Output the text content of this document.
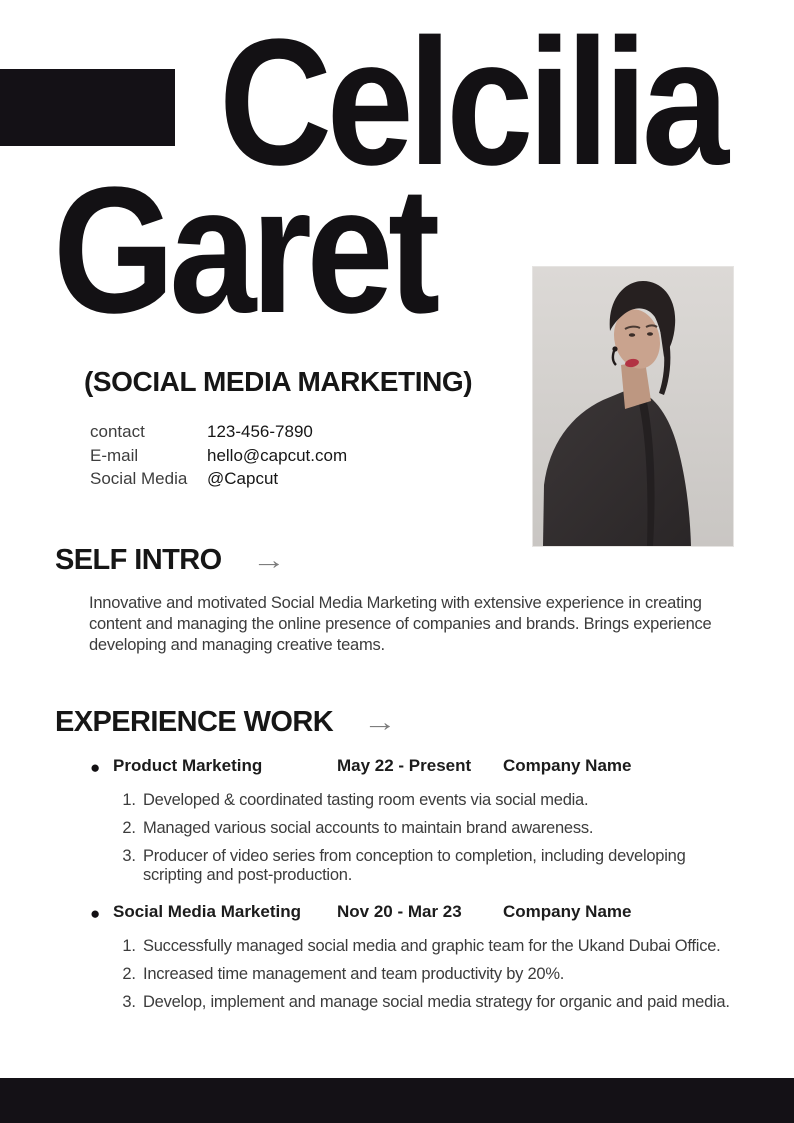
Celcilia
Garet
(SOCIAL MEDIA MARKETING)
contact	123-456-7890
E-mail	hello@capcut.com
Social Media	@Capcut
SELF INTRO →
Innovative and motivated Social Media Marketing with extensive experience in creating content and managing the online presence of companies and brands. Brings experience developing and managing creative teams.
EXPERIENCE WORK →
● Product Marketing	May 22 - Present Company Name
1. Developed & coordinated tasting room events via social media.
2. Managed various social accounts to maintain brand awareness.
3. Producer of video series from conception to completion, including developing scripting and post-production.
● Social Media Marketing Nov 20 - Mar 23 Company Name
1. Successfully managed social media and graphic team for the Ukand Dubai Office.
2. Increased time management and team productivity by 20%.
3. Develop, implement and manage social media strategy for organic and paid media.
